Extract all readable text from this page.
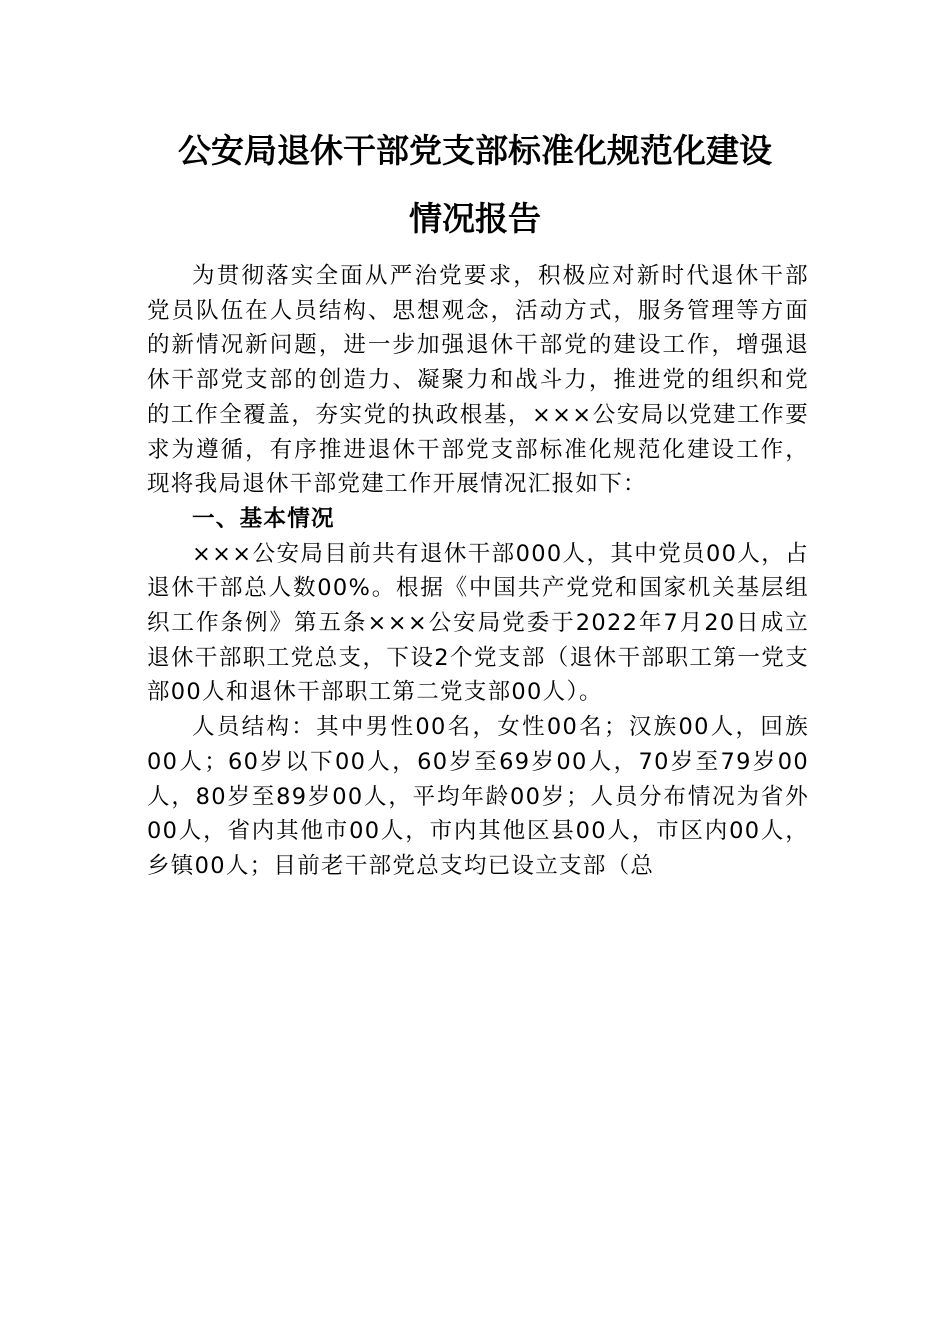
公安局退休干部党支部标准化规范化建设
情况报告

为贯彻落实全面从严治党要求，积极应对新时代退休干部党员队伍在人员结构、思想观念，活动方式，服务管理等方面的新情况新问题，进一步加强退休干部党的建设工作，增强退休干部党支部的创造力、凝聚力和战斗力，推进党的组织和党的工作全覆盖，夯实党的执政根基，×××公安局以党建工作要求为遵循，有序推进退休干部党支部标准化规范化建设工作，现将我局退休干部党建工作开展情况汇报如下：

一、基本情况

×××公安局目前共有退休干部000人，其中党员00人，占退休干部总人数00%。根据《中国共产党党和国家机关基层组织工作条例》第五条×××公安局党委于2022年7月20日成立退休干部职工党总支，下设2个党支部（退休干部职工第一党支部00人和退休干部职工第二党支部00人）。

人员结构：其中男性00名，女性00名；汉族00人，回族00人；60岁以下00人，60岁至69岁00人，70岁至79岁00人，80岁至89岁00人，平均年龄00岁；人员分布情况为省外00人，省内其他市00人，市内其他区县00人，市区内00人，乡镇00人；目前老干部党总支均已设立支部（总
